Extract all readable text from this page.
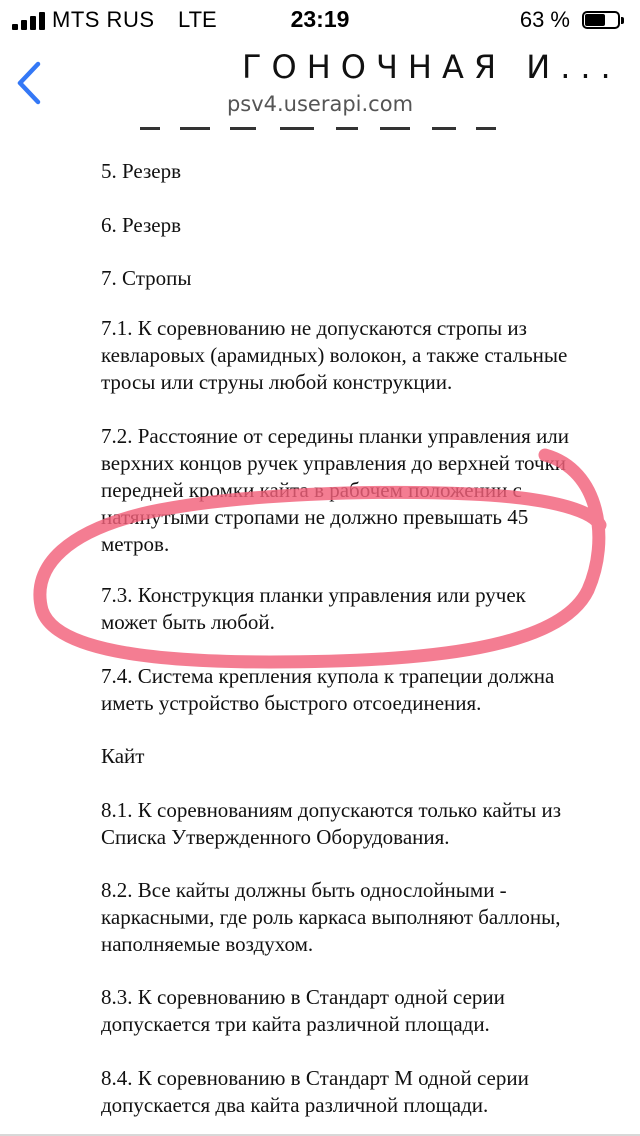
MTS RUS LTE	23:19	63 %
ГОНОЧНАЯ И...
psv4.userapi.com

5. Резерв

6. Резерв

7. Стропы

7.1. К соревнованию не допускаются стропы из
кевларовых (арамидных) волокон, а также стальные
тросы или струны любой конструкции.

7.2. Расстояние от середины планки управления или
верхних концов ручек управления до верхней точки
передней кромки кайта в рабочем положении с
натянутыми стропами не должно превышать 45
метров.

7.3. Конструкция планки управления или ручек
может быть любой.

7.4. Система крепления купола к трапеции должна
иметь устройство быстрого отсоединения.

Кайт

8.1. К соревнованиям допускаются только кайты из
Списка Утвержденного Оборудования.

8.2. Все кайты должны быть однослойными -
каркасными, где роль каркаса выполняют баллоны,
наполняемые воздухом.

8.3. К соревнованию в Стандарт одной серии
допускается три кайта различной площади.

8.4. К соревнованию в Стандарт М одной серии
допускается два кайта различной площади.
